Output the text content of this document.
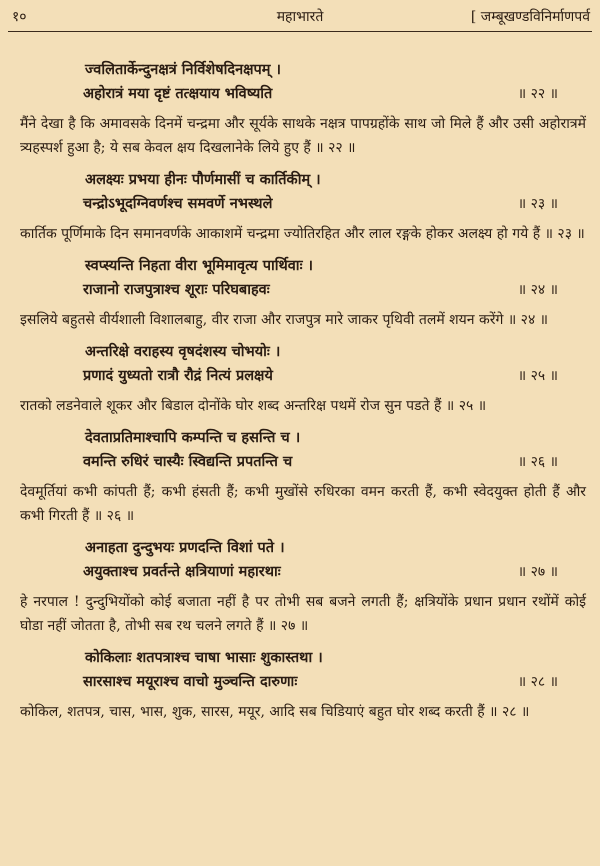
१०	महाभारते	[ जम्बूखण्डविनिर्माणपर्व
ज्वलितार्केन्दुनक्षत्रं निर्विशेषदिनक्षपम् ।
अहोरात्रं मया दृष्टं तत्क्षयाय भविष्यति	॥ २२ ॥

मैंने देखा है कि अमावसके दिनमें चन्द्रमा और सूर्यके साथके नक्षत्र पापग्रहोंके साथ जो मिले हैं और उसी अहोरात्रमें त्र्यहस्पर्श हुआ है; ये सब केवल क्षय दिखलानेके लिये हुए हैं ॥ २२ ॥

अलक्ष्यः प्रभया हीनः पौर्णमासीं च कार्तिकीम् ।
चन्द्रोऽभूदग्निवर्णश्च समवर्णे नभस्थले	॥ २३ ॥

कार्तिक पूर्णिमाके दिन समानवर्णके आकाशमें चन्द्रमा ज्योतिरहित और लाल रङ्गके होकर अलक्ष्य हो गये हैं ॥ २३ ॥

स्वप्स्यन्ति निहता वीरा भूमिमावृत्य पार्थिवाः ।
राजानो राजपुत्राश्च शूराः परिघबाहवः	॥ २४ ॥

इसलिये बहुतसे वीर्यशाली विशालबाहु, वीर राजा और राजपुत्र मारे जाकर पृथिवी तलमें शयन करेंगे ॥ २४ ॥

अन्तरिक्षे वराहस्य वृषदंशस्य चोभयोः ।
प्रणादं युध्यतो रात्रौ रौद्रं नित्यं प्रलक्षये	॥ २५ ॥

रातको लडनेवाले शूकर और बिडाल दोनोंके घोर शब्द अन्तरिक्ष पथमें रोज सुन पडते हैं ॥ २५ ॥

देवताप्रतिमाश्चापि कम्पन्ति च हसन्ति च ।
वमन्ति रुधिरं चास्यैः स्विद्यन्ति प्रपतन्ति च	॥ २६ ॥

देवमूर्तियां कभी कांपती हैं; कभी हंसती हैं; कभी मुखोंसे रुधिरका वमन करती हैं, कभी स्वेदयुक्त होती हैं और कभी गिरती हैं ॥ २६ ॥

अनाहता दुन्दुभयः प्रणदन्ति विशां पते ।
अयुक्ताश्च प्रवर्तन्ते क्षत्रियाणां महारथाः	॥ २७ ॥

हे नरपाल ! दुन्दुभियोंको कोई बजाता नहीं है पर तोभी सब बजने लगती हैं; क्षत्रियोंके प्रधान प्रधान रथोंमें कोई घोडा नहीं जोतता है, तोभी सब रथ चलने लगते हैं ॥ २७ ॥

कोकिलाः शतपत्राश्च चाषा भासाः शुकास्तथा ।
सारसाश्च मयूराश्च वाचो मुञ्चन्ति दारुणाः	॥ २८ ॥

कोकिल, शतपत्र, चास, भास, शुक, सारस, मयूर, आदि सब चिडियाएं बहुत घोर शब्द करती हैं ॥ २८ ॥
